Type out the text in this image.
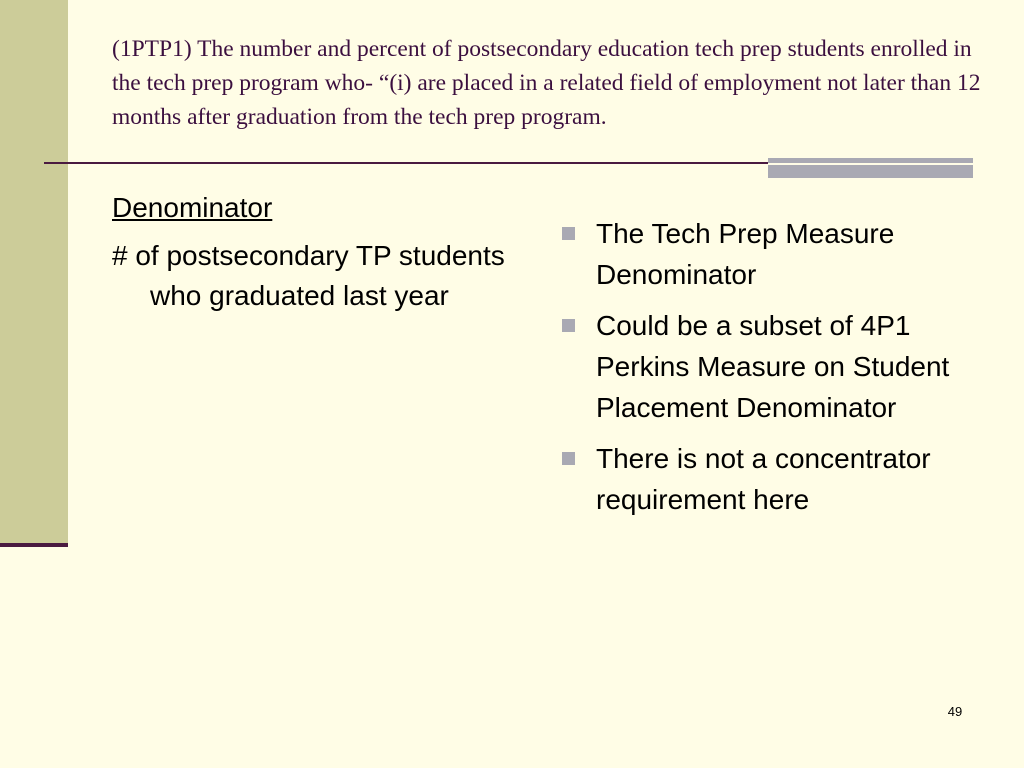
(1PTP1) The number and percent of postsecondary education tech prep students enrolled in the tech prep program who- “(i) are placed in a related field of employment not later than 12 months after graduation from the tech prep program.

Denominator

# of postsecondary TP students who graduated last year

The Tech Prep Measure Denominator
Could be a subset of 4P1 Perkins Measure on Student Placement Denominator
There is not a concentrator requirement here
49
